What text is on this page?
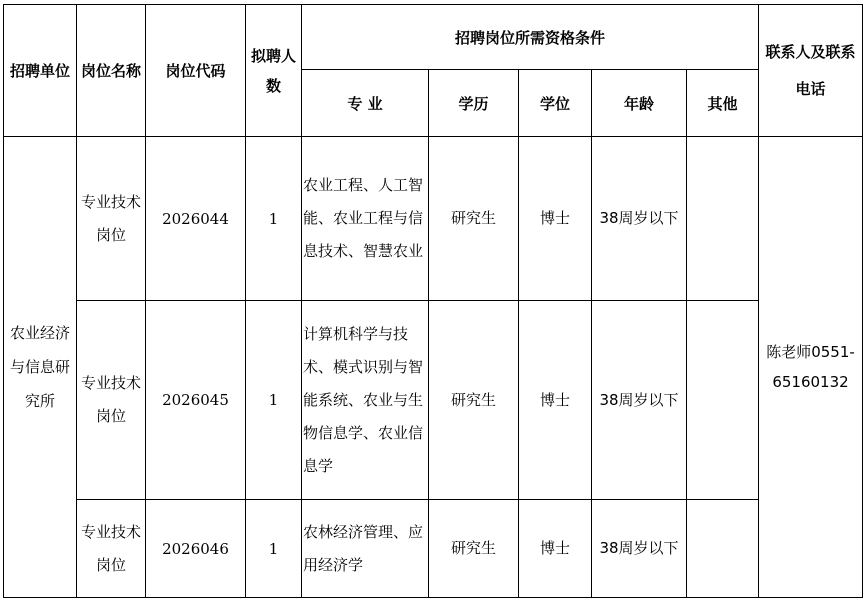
招聘单位	岗位名称	岗位代码	拟聘人数	招聘岗位所需资格条件					联系人及联系电话
				专 业	学历	学位	年龄	其他	
农业经济与信息研究所	专业技术岗位	2026044	1	农业工程、人工智能、农业工程与信息技术、智慧农业	研究生	博士	38周岁以下		陈老师0551-65160132
	专业技术岗位	2026045	1	计算机科学与技术、模式识别与智能系统、农业与生物信息学、农业信息学	研究生	博士	38周岁以下		
	专业技术岗位	2026046	1	农林经济管理、应用经济学	研究生	博士	38周岁以下		
